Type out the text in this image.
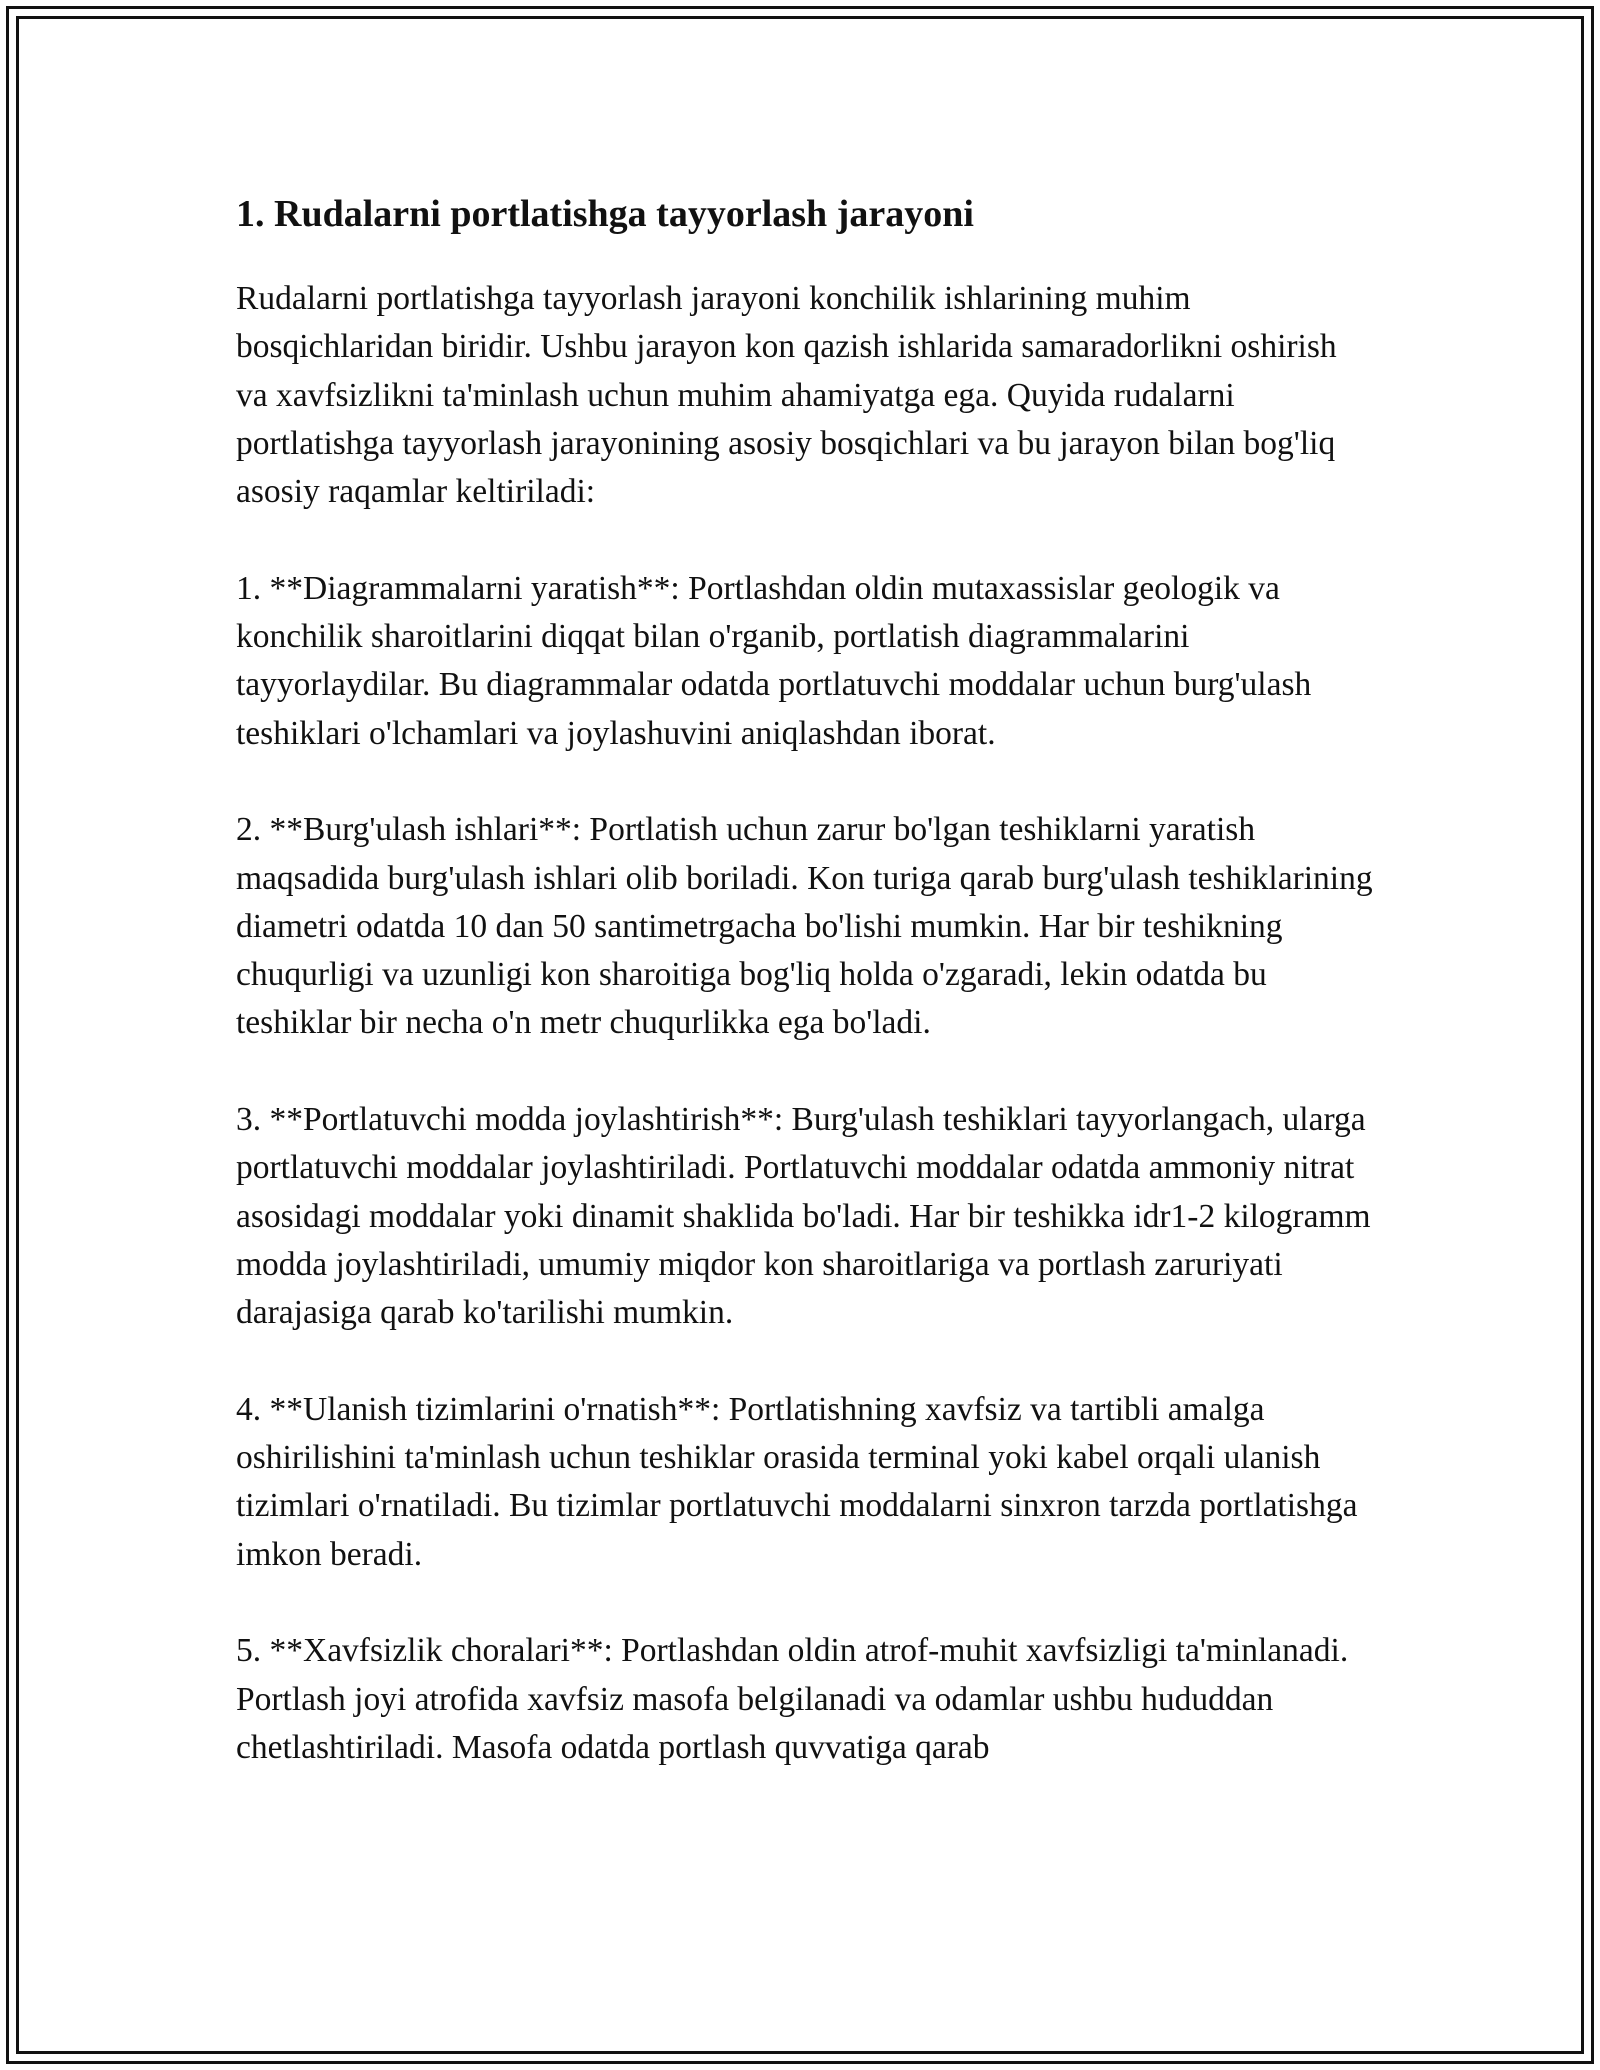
1. Rudalarni portlatishga tayyorlash jarayoni

Rudalarni portlatishga tayyorlash jarayoni konchilik ishlarining muhim bosqichlaridan biridir. Ushbu jarayon kon qazish ishlarida samaradorlikni oshirish va xavfsizlikni ta'minlash uchun muhim ahamiyatga ega. Quyida rudalarni portlatishga tayyorlash jarayonining asosiy bosqichlari va bu jarayon bilan bog'liq asosiy raqamlar keltiriladi:

1. **Diagrammalarni yaratish**: Portlashdan oldin mutaxassislar geologik va konchilik sharoitlarini diqqat bilan o'rganib, portlatish diagrammalarini tayyorlaydilar. Bu diagrammalar odatda portlatuvchi moddalar uchun burg'ulash teshiklari o'lchamlari va joylashuvini aniqlashdan iborat.

2. **Burg'ulash ishlari**: Portlatish uchun zarur bo'lgan teshiklarni yaratish maqsadida burg'ulash ishlari olib boriladi. Kon turiga qarab burg'ulash teshiklarining diametri odatda 10 dan 50 santimetrgacha bo'lishi mumkin. Har bir teshikning chuqurligi va uzunligi kon sharoitiga bog'liq holda o'zgaradi, lekin odatda bu teshiklar bir necha o'n metr chuqurlikka ega bo'ladi.

3. **Portlatuvchi modda joylashtirish**: Burg'ulash teshiklari tayyorlangach, ularga portlatuvchi moddalar joylashtiriladi. Portlatuvchi moddalar odatda ammoniy nitrat asosidagi moddalar yoki dinamit shaklida bo'ladi. Har bir teshikka idr1-2 kilogramm modda joylashtiriladi, umumiy miqdor kon sharoitlariga va portlash zaruriyati darajasiga qarab ko'tarilishi mumkin.

4. **Ulanish tizimlarini o'rnatish**: Portlatishning xavfsiz va tartibli amalga oshirilishini ta'minlash uchun teshiklar orasida terminal yoki kabel orqali ulanish tizimlari o'rnatiladi. Bu tizimlar portlatuvchi moddalarni sinxron tarzda portlatishga imkon beradi.

5. **Xavfsizlik choralari**: Portlashdan oldin atrof-muhit xavfsizligi ta'minlanadi. Portlash joyi atrofida xavfsiz masofa belgilanadi va odamlar ushbu hududdan chetlashtiriladi. Masofa odatda portlash quvvatiga qarab
